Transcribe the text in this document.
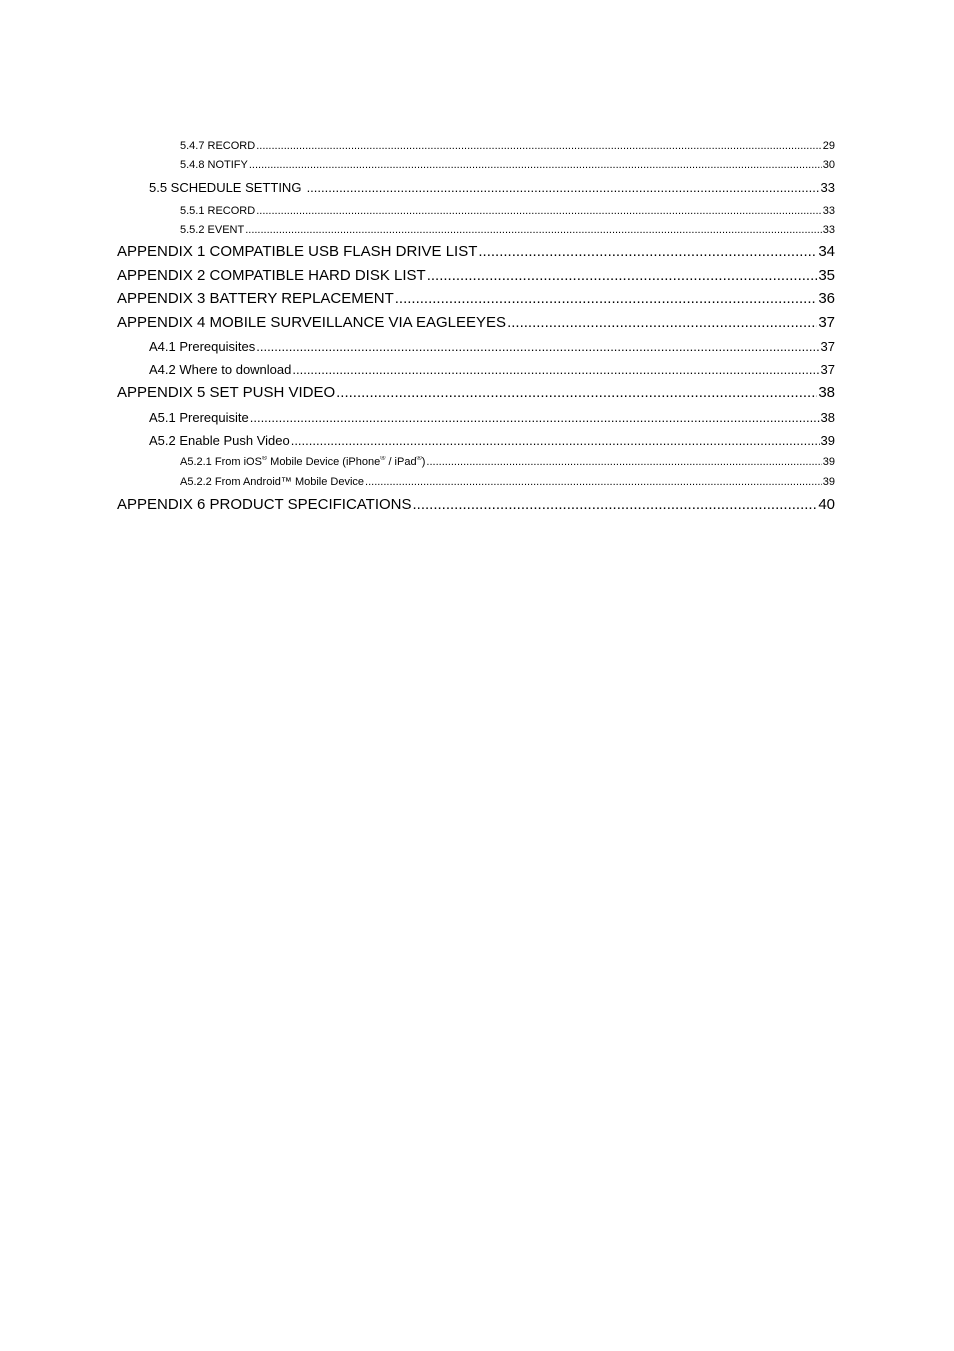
5.4.7 RECORD .....	29
5.4.8 NOTIFY .....	30
5.5 SCHEDULE SETTING .....	33
5.5.1 RECORD .....	33
5.5.2 EVENT .....	33
APPENDIX 1 COMPATIBLE USB FLASH DRIVE LIST .....	34
APPENDIX 2 COMPATIBLE HARD DISK LIST .....	35
APPENDIX 3 BATTERY REPLACEMENT .....	36
APPENDIX 4 MOBILE SURVEILLANCE VIA EAGLEEYES .....	37
A4.1 Prerequisites .....	37
A4.2 Where to download .....	37
APPENDIX 5 SET PUSH VIDEO .....	38
A5.1 Prerequisite .....	38
A5.2 Enable Push Video .....	39
A5.2.1 From iOS® Mobile Device (iPhone® / iPad®) .....	39
A5.2.2 From Android™ Mobile Device .....	39
APPENDIX 6 PRODUCT SPECIFICATIONS .....	40
